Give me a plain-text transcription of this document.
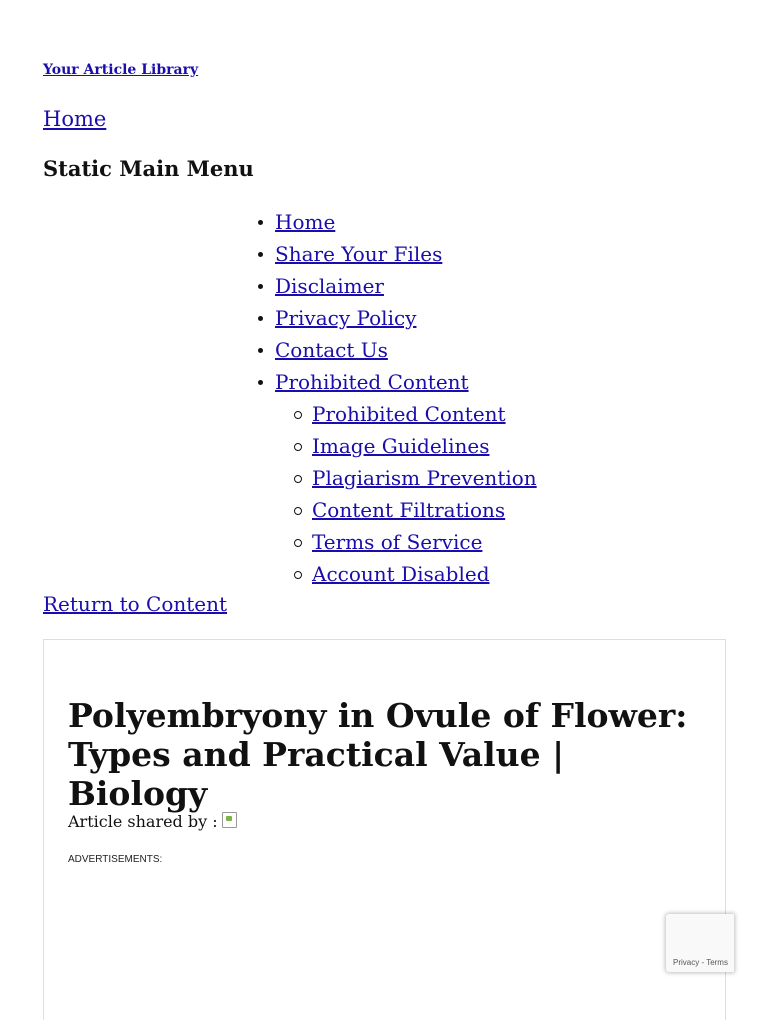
Your Article Library
Home
Static Main Menu
Home
Share Your Files
Disclaimer
Privacy Policy
Contact Us
Prohibited Content
Prohibited Content
Image Guidelines
Plagiarism Prevention
Content Filtrations
Terms of Service
Account Disabled
Return to Content
Polyembryony in Ovule of Flower: Types and Practical Value | Biology
Article shared by :
ADVERTISEMENTS:
Privacy - Terms
